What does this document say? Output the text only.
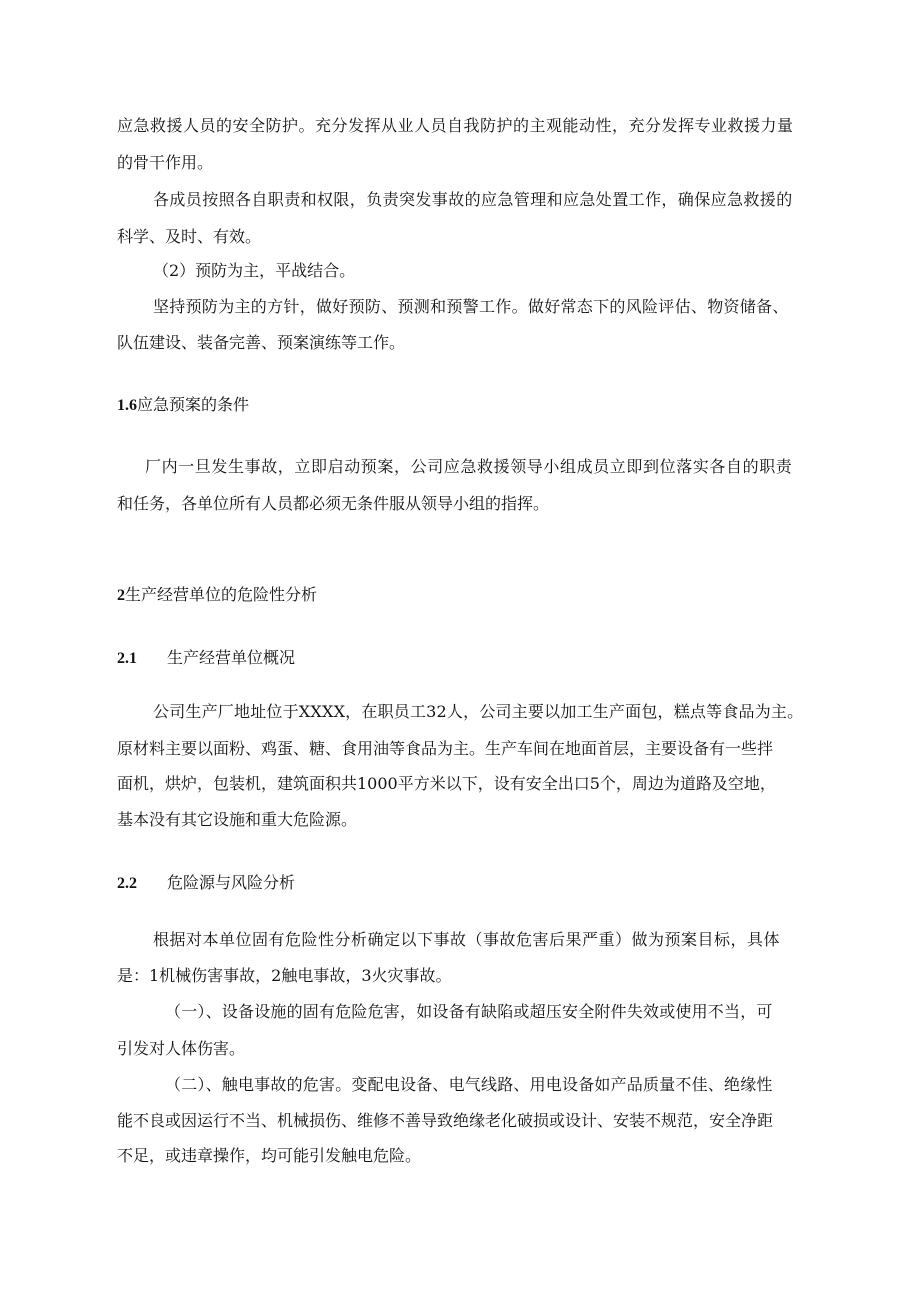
应急救援人员的安全防护。充分发挥从业人员自我防护的主观能动性，充分发挥专业救援力量
的骨干作用。
各成员按照各自职责和权限，负责突发事故的应急管理和应急处置工作，确保应急救援的
科学、及时、有效。
（2）预防为主，平战结合。
坚持预防为主的方针，做好预防、预测和预警工作。做好常态下的风险评估、物资储备、
队伍建设、装备完善、预案演练等工作。
1.6应急预案的条件
厂内一旦发生事故，立即启动预案，公司应急救援领导小组成员立即到位落实各自的职责
和任务，各单位所有人员都必须无条件服从领导小组的指挥。
2生产经营单位的危险性分析
2.1 生产经营单位概况
公司生产厂地址位于XXXX，在职员工32人，公司主要以加工生产面包，糕点等食品为主。
原材料主要以面粉、鸡蛋、糖、食用油等食品为主。生产车间在地面首层，主要设备有一些拌
面机，烘炉，包装机，建筑面积共1000平方米以下，设有安全出口5个，周边为道路及空地，
基本没有其它设施和重大危险源。
2.2 危险源与风险分析
根据对本单位固有危险性分析确定以下事故（事故危害后果严重）做为预案目标，具体
是：1机械伤害事故，2触电事故，3火灾事故。
（一）、设备设施的固有危险危害，如设备有缺陷或超压安全附件失效或使用不当，可
引发对人体伤害。
（二）、触电事故的危害。变配电设备、电气线路、用电设备如产品质量不佳、绝缘性
能不良或因运行不当、机械损伤、维修不善导致绝缘老化破损或设计、安装不规范，安全净距
不足，或违章操作，均可能引发触电危险。
